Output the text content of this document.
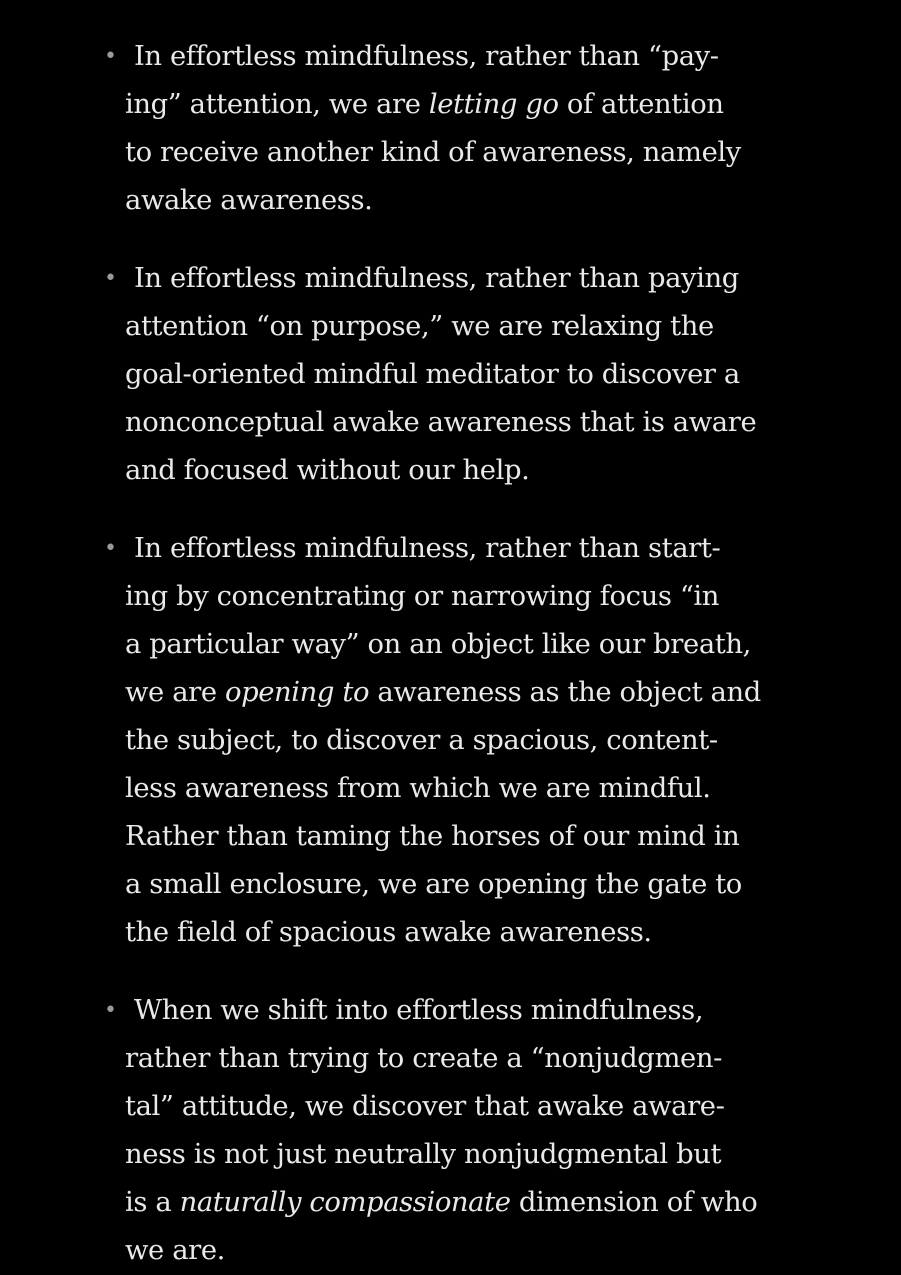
• In effortless mindfulness, rather than “pay-
ing” attention, we are letting go of attention
to receive another kind of awareness, namely
awake awareness.
• In effortless mindfulness, rather than paying
attention “on purpose,” we are relaxing the
goal-oriented mindful meditator to discover a
nonconceptual awake awareness that is aware
and focused without our help.
• In effortless mindfulness, rather than start-
ing by concentrating or narrowing focus “in
a particular way” on an object like our breath,
we are opening to awareness as the object and
the subject, to discover a spacious, content-
less awareness from which we are mindful.
Rather than taming the horses of our mind in
a small enclosure, we are opening the gate to
the field of spacious awake awareness.
• When we shift into effortless mindfulness,
rather than trying to create a “nonjudgmen-
tal” attitude, we discover that awake aware-
ness is not just neutrally nonjudgmental but
is a naturally compassionate dimension of who
we are.
